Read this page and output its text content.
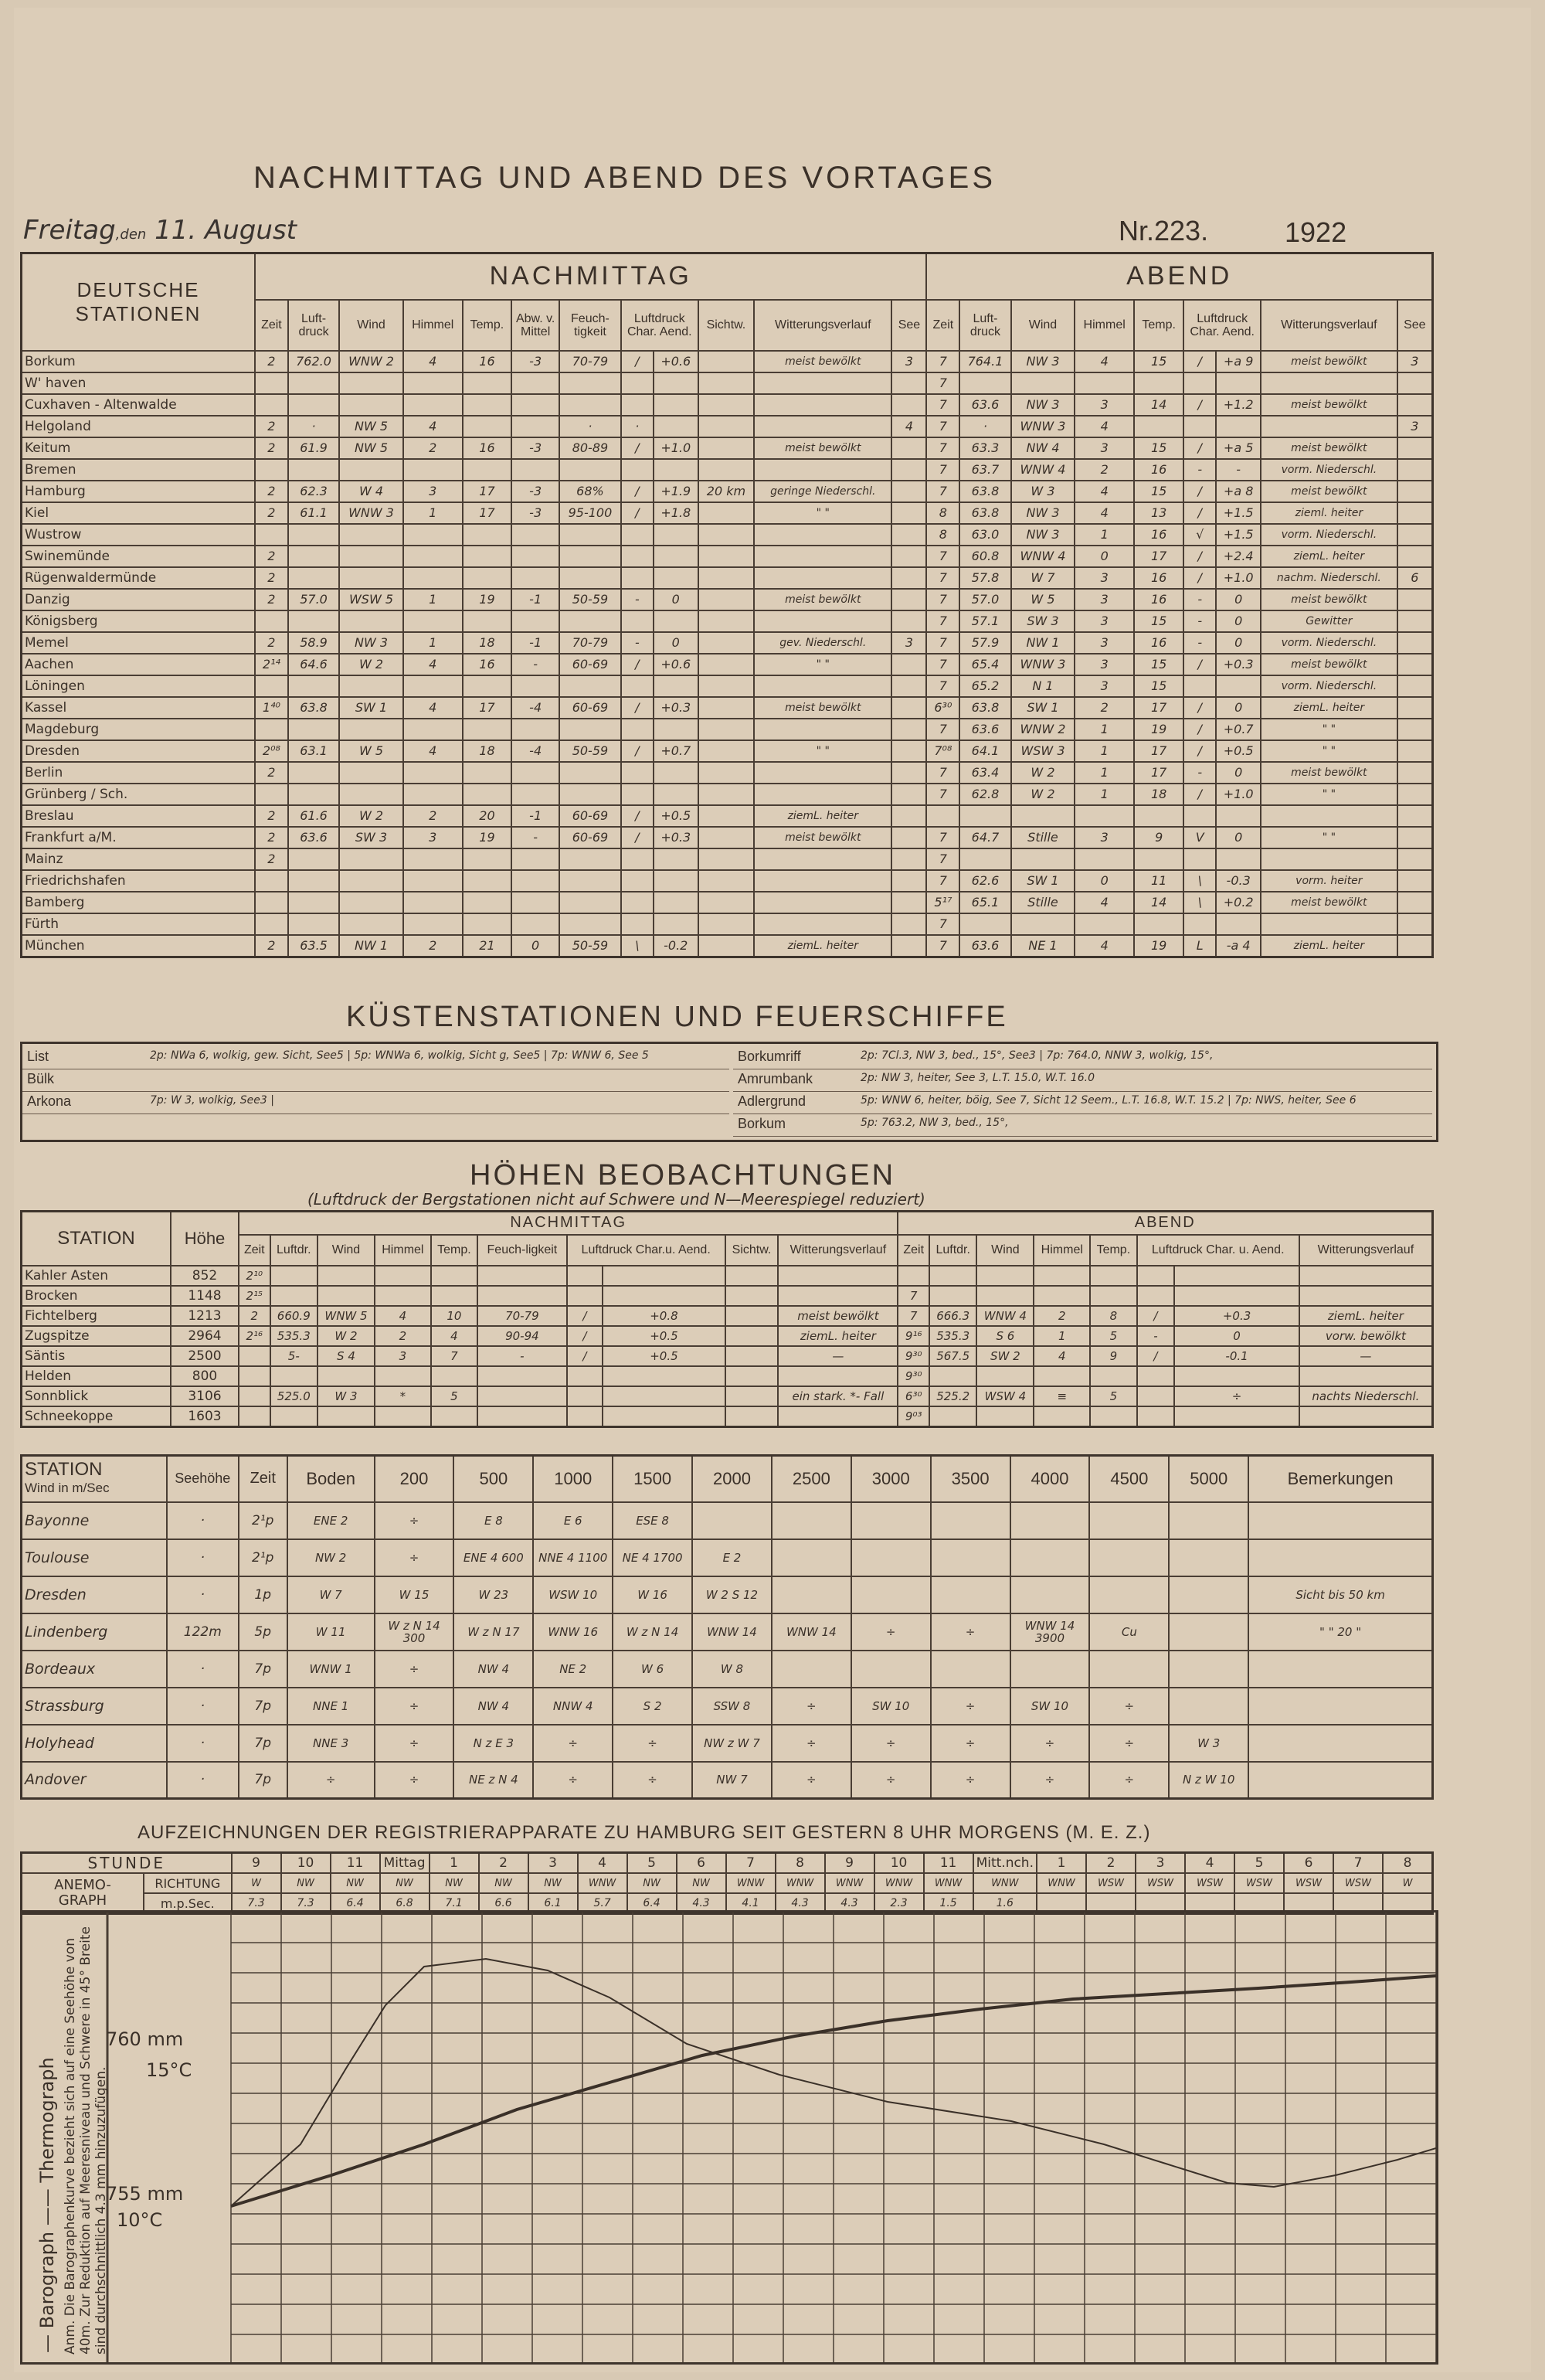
NACHMITTAG UND ABEND DES VORTAGES
Freitag,den 11. August	Nr.223.	1922
DEUTSCHE
STATIONEN	NACHMITTAG												ABEND								
	Zeit	Luft-druck	Wind	Himmel	Temp.	Abw. v. Mittel	Feuch-tigkeit	Luftdruck Char. Aend.		Sichtw.	Witterungsverlauf	See	Zeit	Luft-druck	Wind	Himmel	Temp.	Luftdruck Char. Aend.		Witterungsverlauf	See
Borkum	2	762.0	WNW 2	4	16	-3	70-79	/	+0.6		meist bewölkt	3	7	764.1	NW 3	4	15	/	+a 9	meist bewölkt	3
W' haven													7								
Cuxhaven - Altenwalde													7	63.6	NW 3	3	14	/	+1.2	meist bewölkt	
Helgoland	2	·	NW 5	4			·	·				4	7	·	WNW 3	4					3
Keitum	2	61.9	NW 5	2	16	-3	80-89	/	+1.0		meist bewölkt		7	63.3	NW 4	3	15	/	+a 5	meist bewölkt	
Bremen													7	63.7	WNW 4	2	16	-	-	vorm. Niederschl.	
Hamburg	2	62.3	W 4	3	17	-3	68%	/	+1.9	20 km	geringe Niederschl.		7	63.8	W 3	4	15	/	+a 8	meist bewölkt	
Kiel	2	61.1	WNW 3	1	17	-3	95-100	/	+1.8		" "		8	63.8	NW 3	4	13	/	+1.5	zieml. heiter	
Wustrow													8	63.0	NW 3	1	16	√	+1.5	vorm. Niederschl.	
Swinemünde	2												7	60.8	WNW 4	0	17	/	+2.4	ziemL. heiter	
Rügenwaldermünde	2												7	57.8	W 7	3	16	/	+1.0	nachm. Niederschl.	6
Danzig	2	57.0	WSW 5	1	19	-1	50-59	-	0		meist bewölkt		7	57.0	W 5	3	16	-	0	meist bewölkt	
Königsberg													7	57.1	SW 3	3	15	-	0	Gewitter	
Memel	2	58.9	NW 3	1	18	-1	70-79	-	0		gev. Niederschl.	3	7	57.9	NW 1	3	16	-	0	vorm. Niederschl.	
Aachen	2¹⁴	64.6	W 2	4	16	-	60-69	/	+0.6		" "		7	65.4	WNW 3	3	15	/	+0.3	meist bewölkt	
Löningen													7	65.2	N 1	3	15			vorm. Niederschl.	
Kassel	1⁴⁰	63.8	SW 1	4	17	-4	60-69	/	+0.3		meist bewölkt		6³⁰	63.8	SW 1	2	17	/	0	ziemL. heiter	
Magdeburg													7	63.6	WNW 2	1	19	/	+0.7	" "	
Dresden	2⁰⁸	63.1	W 5	4	18	-4	50-59	/	+0.7		" "		7⁰⁸	64.1	WSW 3	1	17	/	+0.5	" "	
Berlin	2												7	63.4	W 2	1	17	-	0	meist bewölkt	
Grünberg / Sch.													7	62.8	W 2	1	18	/	+1.0	" "	
Breslau	2	61.6	W 2	2	20	-1	60-69	/	+0.5		ziemL. heiter										
Frankfurt a/M.	2	63.6	SW 3	3	19	-	60-69	/	+0.3		meist bewölkt		7	64.7	Stille	3	9	V	0	" "	
Mainz	2												7								
Friedrichshafen													7	62.6	SW 1	0	11	\	-0.3	vorm. heiter	
Bamberg													5¹⁷	65.1	Stille	4	14	\	+0.2	meist bewölkt	
Fürth													7								
München	2	63.5	NW 1	2	21	0	50-59	\	-0.2		ziemL. heiter		7	63.6	NE 1	4	19	L	-a 4	ziemL. heiter	
KÜSTENSTATIONEN UND FEUERSCHIFFE
List	2p: NWa 6, wolkig, gew. Sicht, See5 | 5p: WNWa 6, wolkig, Sicht g, See5 | 7p: WNW 6, See 5
Bülk
Arkona	7p: W 3, wolkig, See3 |
Borkumriff	2p: 7Cl.3, NW 3, bed., 15°, See3 | 7p: 764.0, NNW 3, wolkig, 15°,
Amrumbank	2p: NW 3, heiter, See 3, L.T. 15.0, W.T. 16.0
Adlergrund	5p: WNW 6, heiter, böig, See 7, Sicht 12 Seem., L.T. 16.8, W.T. 15.2 | 7p: NWS, heiter, See 6
Borkum	5p: 763.2, NW 3, bed., 15°,
HÖHEN BEOBACHTUNGEN
(Luftdruck der Bergstationen nicht auf Schwere und N—Meerespiegel reduziert)
STATION	Höhe	NACHMITTAG										ABEND							
		Zeit	Luftdr.	Wind	Himmel	Temp.	Feuch-ligkeit	Luftdruck Char.u. Aend.		Sichtw.	Witterungsverlauf	Zeit	Luftdr.	Wind	Himmel	Temp.	Luftdruck Char. u. Aend.		Witterungsverlauf
Kahler Asten	852	2¹⁰																	
Brocken	1148	2¹⁵										7							
Fichtelberg	1213	2	660.9	WNW 5	4	10	70-79	/	+0.8		meist bewölkt	7	666.3	WNW 4	2	8	/	+0.3	ziemL. heiter
Zugspitze	2964	2¹⁶	535.3	W 2	2	4	90-94	/	+0.5		ziemL. heiter	9¹⁶	535.3	S 6	1	5	-	0	vorw. bewölkt
Säntis	2500		5-	S 4	3	7	-	/	+0.5		—	9³⁰	567.5	SW 2	4	9	/	-0.1	—
Helden	800											9³⁰							
Sonnblick	3106		525.0	W 3	*	5					ein stark. *- Fall	6³⁰	525.2	WSW 4	≡	5		÷	nachts Niederschl.
Schneekoppe	1603											9⁰³							
STATION
Wind in m/Sec	Seehöhe	Zeit	Boden	200	500	1000	1500	2000	2500	3000	3500	4000	4500	5000	Bemerkungen
Bayonne	·	2¹p	ENE 2	÷	E 8	E 6	ESE 8								
Toulouse	·	2¹p	NW 2	÷	ENE 4 600	NNE 4 1100	NE 4 1700	E 2							
Dresden	·	1p	W 7	W 15	W 23	WSW 10	W 16	W 2 S 12							Sicht bis 50 km
Lindenberg	122m	5p	W 11	W z N 14 300	W z N 17	WNW 16	W z N 14	WNW 14	WNW 14	÷	÷	WNW 14 3900	Cu		" " 20 "
Bordeaux	·	7p	WNW 1	÷	NW 4	NE 2	W 6	W 8							
Strassburg	·	7p	NNE 1	÷	NW 4	NNW 4	S 2	SSW 8	÷	SW 10	÷	SW 10	÷		
Holyhead	·	7p	NNE 3	÷	N z E 3	÷	÷	NW z W 7	÷	÷	÷	÷	÷	W 3	
Andover	·	7p	÷	÷	NE z N 4	÷	÷	NW 7	÷	÷	÷	÷	÷	N z W 10	
AUFZEICHNUNGEN DER REGISTRIERAPPARATE ZU HAMBURG SEIT GESTERN 8 UHR MORGENS (M. E. Z.)
STUNDE		9	10	11	Mittag	1	2	3	4	5	6	7	8	9	10	11	Mitt.nch.	1	2	3	4	5	6	7	8
ANEMO-
GRAPH	RICHTUNG	W	NW	NW	NW	NW	NW	NW	WNW	NW	NW	WNW	WNW	WNW	WNW	WNW	WNW	WNW	WSW	WSW	WSW	WSW	WSW	WSW	W
	m.p.Sec.	7.3	7.3	6.4	6.8	7.1	6.6	6.1	5.7	6.4	4.3	4.1	4.3	4.3	2.3	1.5	1.6								
760 mm
15°C
755 mm
10°C
— Barograph —— Thermograph Anm. Die Barographenkurve bezieht sich auf eine Seehöhe von 40m. Zur Reduktion auf Meeresniveau und Schwere in 45° Breite sind durchschnittlich 4.3 mm hinzuzufügen.
